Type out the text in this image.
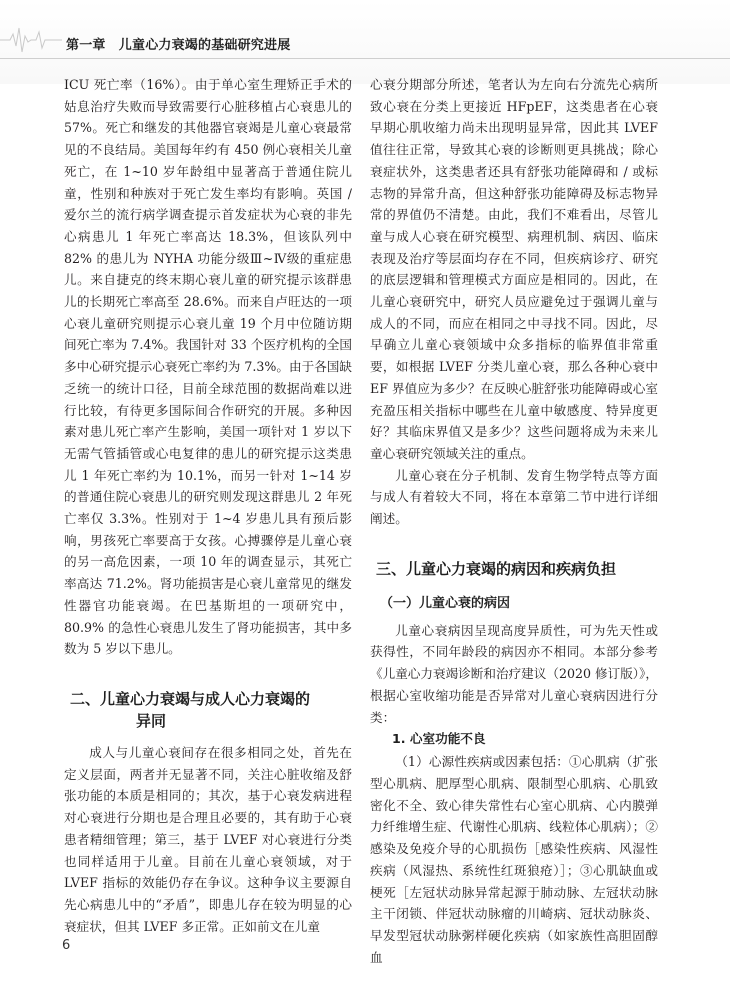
第一章　儿童心力衰竭的基础研究进展

ICU 死亡率（16%）。由于单心室生理矫正手术的姑息治疗失败而导致需要行心脏移植占心衰患儿的 57%。死亡和继发的其他器官衰竭是儿童心衰最常见的不良结局。美国每年约有 450 例心衰相关儿童死亡，在 1~10 岁年龄组中显著高于普通住院儿童，性别和种族对于死亡发生率均有影响。英国 / 爱尔兰的流行病学调查提示首发症状为心衰的非先心病患儿 1 年死亡率高达 18.3%，但该队列中 82% 的患儿为 NYHA 功能分级Ⅲ~Ⅳ级的重症患儿。来自捷克的终末期心衰儿童的研究提示该群患儿的长期死亡率高至 28.6%。而来自卢旺达的一项心衰儿童研究则提示心衰儿童 19 个月中位随访期间死亡率为 7.4%。我国针对 33 个医疗机构的全国多中心研究提示心衰死亡率约为 7.3%。由于各国缺乏统一的统计口径，目前全球范围的数据尚难以进行比较，有待更多国际间合作研究的开展。多种因素对患儿死亡率产生影响，美国一项针对 1 岁以下无需气管插管或心电复律的患儿的研究提示这类患儿 1 年死亡率约为 10.1%，而另一针对 1~14 岁的普通住院心衰患儿的研究则发现这群患儿 2 年死亡率仅 3.3%。性别对于 1~4 岁患儿具有预后影响，男孩死亡率要高于女孩。心搏骤停是儿童心衰的另一高危因素，一项 10 年的调查显示，其死亡率高达 71.2%。肾功能损害是心衰儿童常见的继发性器官功能衰竭。在巴基斯坦的一项研究中，80.9% 的急性心衰患儿发生了肾功能损害，其中多数为 5 岁以下患儿。

二、儿童心力衰竭与成人心力衰竭的
异同

成人与儿童心衰间存在很多相同之处，首先在定义层面，两者并无显著不同，关注心脏收缩及舒张功能的本质是相同的；其次，基于心衰发病进程对心衰进行分期也是合理且必要的，其有助于心衰患者精细管理；第三，基于 LVEF 对心衰进行分类也同样适用于儿童。目前在儿童心衰领域，对于 LVEF 指标的效能仍存在争议。这种争议主要源自先心病患儿中的“矛盾”，即患儿存在较为明显的心衰症状，但其 LVEF 多正常。正如前文在儿童

心衰分期部分所述，笔者认为左向右分流先心病所致心衰在分类上更接近 HFpEF，这类患者在心衰早期心肌收缩力尚未出现明显异常，因此其 LVEF 值往往正常，导致其心衰的诊断则更具挑战；除心衰症状外，这类患者还具有舒张功能障碍和 / 或标志物的异常升高，但这种舒张功能障碍及标志物异常的界值仍不清楚。由此，我们不难看出，尽管儿童与成人心衰在研究模型、病理机制、病因、临床表现及治疗等层面均存在不同，但疾病诊疗、研究的底层逻辑和管理模式方面应是相同的。因此，在儿童心衰研究中，研究人员应避免过于强调儿童与成人的不同，而应在相同之中寻找不同。因此，尽早确立儿童心衰领域中众多指标的临界值非常重要，如根据 LVEF 分类儿童心衰，那么各种心衰中 EF 界值应为多少？在反映心脏舒张功能障碍或心室充盈压相关指标中哪些在儿童中敏感度、特异度更好？其临床界值又是多少？这些问题将成为未来儿童心衰研究领域关注的重点。

儿童心衰在分子机制、发育生物学特点等方面与成人有着较大不同，将在本章第二节中进行详细阐述。

三、儿童心力衰竭的病因和疾病负担
（一）儿童心衰的病因

儿童心衰病因呈现高度异质性，可为先天性或获得性，不同年龄段的病因亦不相同。本部分参考《儿童心力衰竭诊断和治疗建议（2020 修订版）》，根据心室收缩功能是否异常对儿童心衰病因进行分类：

1. 心室功能不良

（1）心源性疾病或因素包括：①心肌病（扩张型心肌病、肥厚型心肌病、限制型心肌病、心肌致密化不全、致心律失常性右心室心肌病、心内膜弹力纤维增生症、代谢性心肌病、线粒体心肌病）；②感染及免疫介导的心肌损伤［感染性疾病、风湿性疾病（风湿热、系统性红斑狼疮）］；③心肌缺血或梗死［左冠状动脉异常起源于肺动脉、左冠状动脉主干闭锁、伴冠状动脉瘤的川崎病、冠状动脉炎、早发型冠状动脉粥样硬化疾病（如家族性高胆固醇血

6
